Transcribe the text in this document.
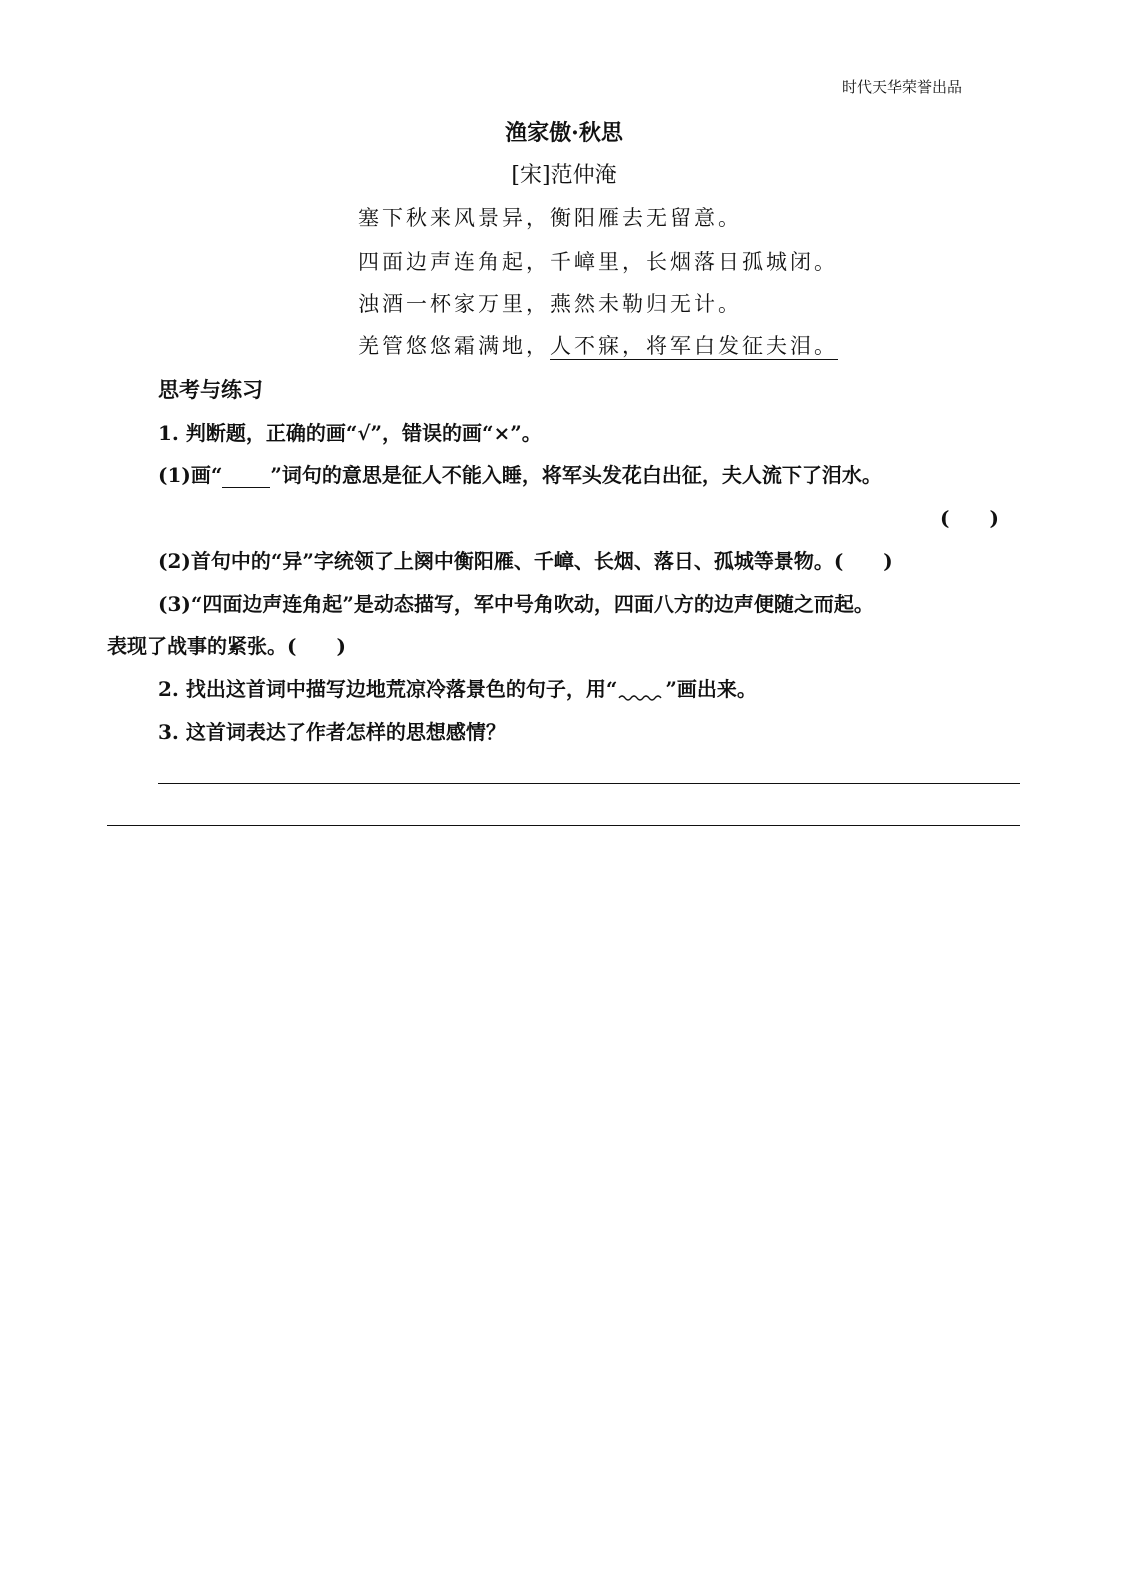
时代天华荣誉出品
渔家傲·秋思
[宋]范仲淹
塞下秋来风景异，衡阳雁去无留意。
四面边声连角起，千嶂里，长烟落日孤城闭。
浊酒一杯家万里，燕然未勒归无计。
羌管悠悠霜满地，人不寐，将军白发征夫泪。
思考与练习
1. 判断题，正确的画“√”，错误的画“×”。
(1)画“ ”词句的意思是征人不能入睡，将军头发花白出征，夫人流下了泪水。
(　　)
(2)首句中的“异”字统领了上阕中衡阳雁、千嶂、长烟、落日、孤城等景物。(　　)
(3)“四面边声连角起”是动态描写，军中号角吹动，四面八方的边声便随之而起。
表现了战事的紧张。(　　)
2. 找出这首词中描写边地荒凉冷落景色的句子，用“ ”画出来。
3. 这首词表达了作者怎样的思想感情？
